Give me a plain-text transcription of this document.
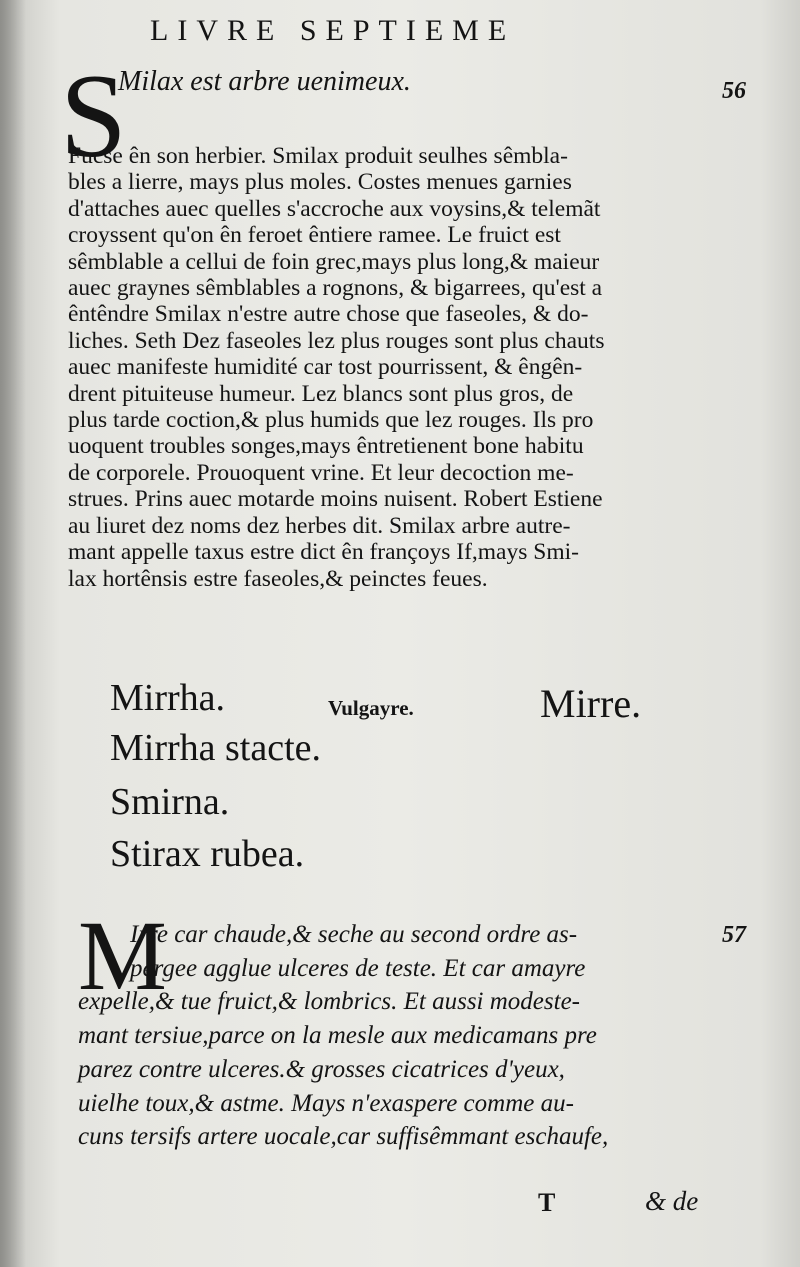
LIVRE SEPTIEME
56
S
Milax est arbre uenimeux.
Fucse ên son herbier. Smilax produit seulhes sêmbla-
bles a lierre, mays plus moles. Costes menues garnies
d'attaches auec quelles s'accroche aux voysins,& telemãt
croyssent qu'on ên feroet êntiere ramee. Le fruict est
sêmblable a cellui de foin grec,mays plus long,& maieur
auec graynes sêmblables a rognons, & bigarrees, qu'est a
êntêndre Smilax n'estre autre chose que faseoles, & do-
liches. Seth Dez faseoles lez plus rouges sont plus chauts
auec manifeste humidité car tost pourrissent, & êngên-
drent pituiteuse humeur. Lez blancs sont plus gros, de
plus tarde coction,& plus humids que lez rouges. Ils pro
uoquent troubles songes,mays êntretienent bone habitu
de corporele. Prouoquent vrine. Et leur decoction me-
strues. Prins auec motarde moins nuisent. Robert Estiene
au liuret dez noms dez herbes dit. Smilax arbre autre-
mant appelle taxus estre dict ên françoys If,mays Smi-
lax hortênsis estre faseoles,& peinctes feues.
Mirrha.
Mirrha stacte.
Smirna.
Stirax rubea.
Vulgayre.	Mirre.
M	57
Irre car chaude,& seche au second ordre as-
pergee agglue ulceres de teste. Et car amayre
expelle,& tue fruict,& lombrics. Et aussi modeste-
mant tersiue,parce on la mesle aux medicamans pre
parez contre ulceres.& grosses cicatrices d'yeux,
uielhe toux,& astme. Mays n'exaspere comme au-
cuns tersifs artere uocale,car suffisêmmant eschaufe,
T	& de
